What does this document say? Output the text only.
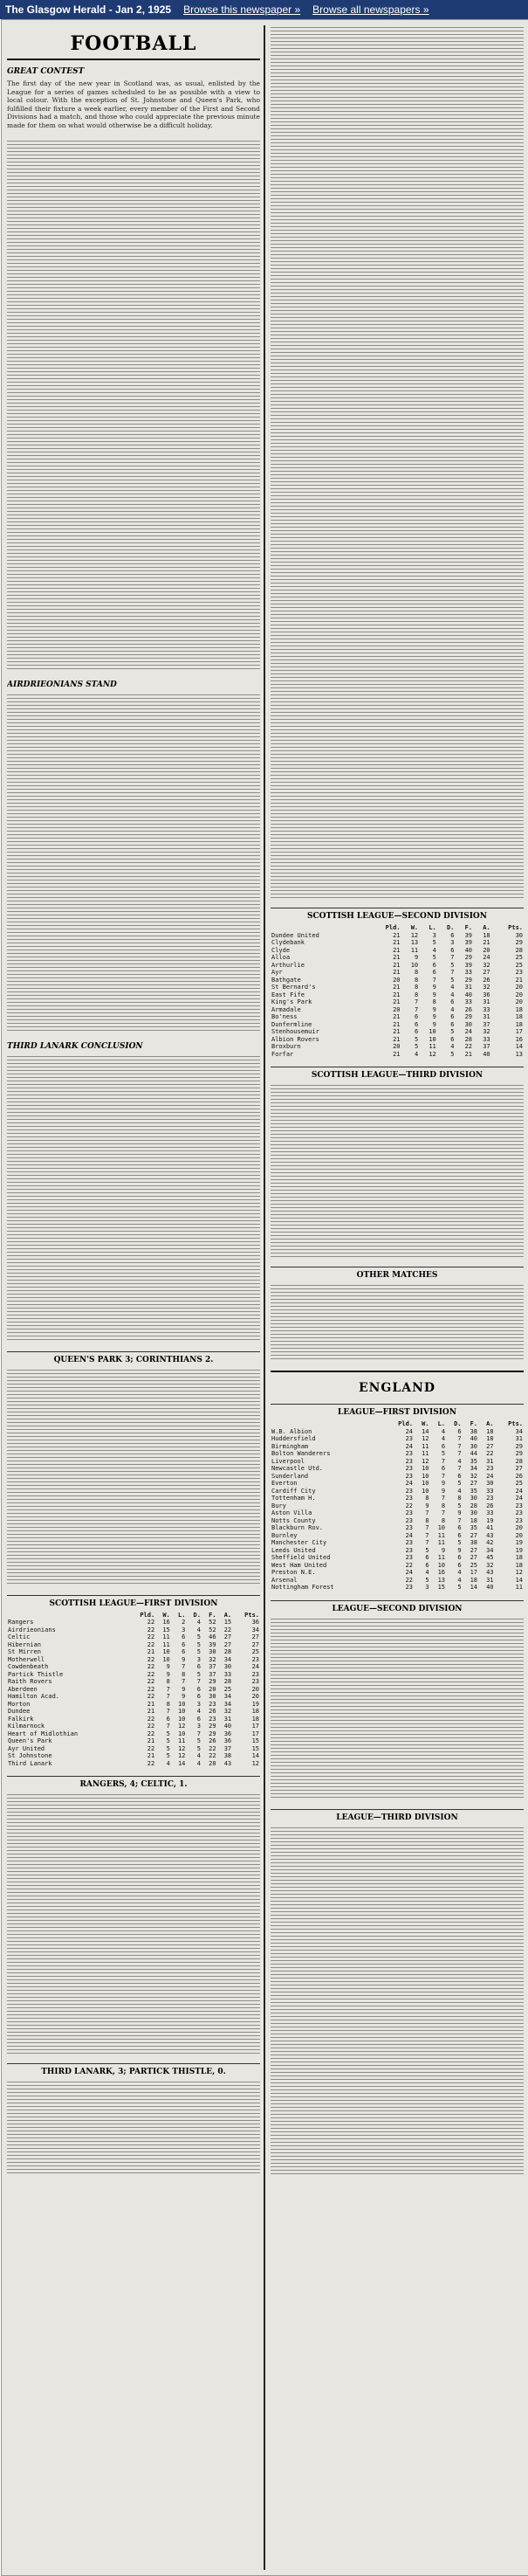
The Glasgow Herald - Jan 2, 1925 Browse this newspaper » Browse all newspapers »
FOOTBALL
GREAT CONTEST
The first day of the new year in Scotland was, as usual, enlisted by the League for a series of games scheduled to be as possible with a view to local colour. With the exception of St. Johnstone and Queen's Park, who fulfilled their fixture a week earlier, every member of the First and Second Divisions had a match, and those who could appreciate the previous minute made for them on what would otherwise be a difficult holiday.
AIRDRIEONIANS STAND
THIRD LANARK CONCLUSION
QUEEN'S PARK 3; CORINTHIANS 2.
SCOTTISH LEAGUE—FIRST DIVISION
	Pld.	W.	L.	D.	F.	A.	Pts.
Rangers	22	16	2	4	52	15	36
Airdrieonians	22	15	3	4	52	22	34
Celtic	22	11	6	5	46	27	27
Hibernian	22	11	6	5	39	27	27
St Mirren	21	10	6	5	30	28	25
Motherwell	22	10	9	3	32	34	23
Cowdenbeath	22	9	7	6	37	30	24
Partick Thistle	22	9	8	5	37	33	23
Raith Rovers	22	8	7	7	29	28	23
Aberdeen	22	7	9	6	20	25	20
Hamilton Acad.	22	7	9	6	30	34	20
Morton	21	8	10	3	23	34	19
Dundee	21	7	10	4	26	32	18
Falkirk	22	6	10	6	23	31	18
Kilmarnock	22	7	12	3	29	40	17
Heart of Midlothian	22	5	10	7	29	36	17
Queen's Park	21	5	11	5	26	36	15
Ayr United	22	5	12	5	22	37	15
St Johnstone	21	5	12	4	22	38	14
Third Lanark	22	4	14	4	20	43	12
RANGERS, 4; CELTIC, 1.
THIRD LANARK, 3; PARTICK THISTLE, 0.
SCOTTISH LEAGUE—SECOND DIVISION
	Pld.	W.	L.	D.	F.	A.	Pts.
Dundee United	21	12	3	6	39	18	30
Clydebank	21	13	5	3	39	21	29
Clyde	21	11	4	6	40	20	28
Alloa	21	9	5	7	29	24	25
Arthurlie	21	10	6	5	39	32	25
Ayr	21	8	6	7	33	27	23
Bathgate	20	8	7	5	29	26	21
St Bernard's	21	8	9	4	31	32	20
East Fife	21	8	9	4	40	36	20
King's Park	21	7	8	6	33	31	20
Armadale	20	7	9	4	26	33	18
Bo'ness	21	6	9	6	29	31	18
Dunfermline	21	6	9	6	30	37	18
Stenhousemuir	21	6	10	5	24	32	17
Albion Rovers	21	5	10	6	28	33	16
Broxburn	20	5	11	4	22	37	14
Forfar	21	4	12	5	21	40	13
SCOTTISH LEAGUE—THIRD DIVISION
OTHER MATCHES
ENGLAND
LEAGUE—FIRST DIVISION
	Pld.	W.	L.	D.	F.	A.	Pts.
W.B. Albion	24	14	4	6	38	18	34
Huddersfield	23	12	4	7	40	18	31
Birmingham	24	11	6	7	30	27	29
Bolton Wanderers	23	11	5	7	44	22	29
Liverpool	23	12	7	4	35	31	28
Newcastle Utd.	23	10	6	7	34	23	27
Sunderland	23	10	7	6	32	24	26
Everton	24	10	9	5	27	30	25
Cardiff City	23	10	9	4	35	33	24
Tottenham H.	23	8	7	8	30	23	24
Bury	22	9	8	5	28	26	23
Aston Villa	23	7	7	9	30	33	23
Notts County	23	8	8	7	18	19	23
Blackburn Rov.	23	7	10	6	35	41	20
Burnley	24	7	11	6	27	43	20
Manchester City	23	7	11	5	38	42	19
Leeds United	23	5	9	9	27	34	19
Sheffield United	23	6	11	6	27	45	18
West Ham United	22	6	10	6	25	32	18
Preston N.E.	24	4	16	4	17	43	12
Arsenal	22	5	13	4	18	31	14
Nottingham Forest	23	3	15	5	14	40	11
LEAGUE—SECOND DIVISION
LEAGUE—THIRD DIVISION
